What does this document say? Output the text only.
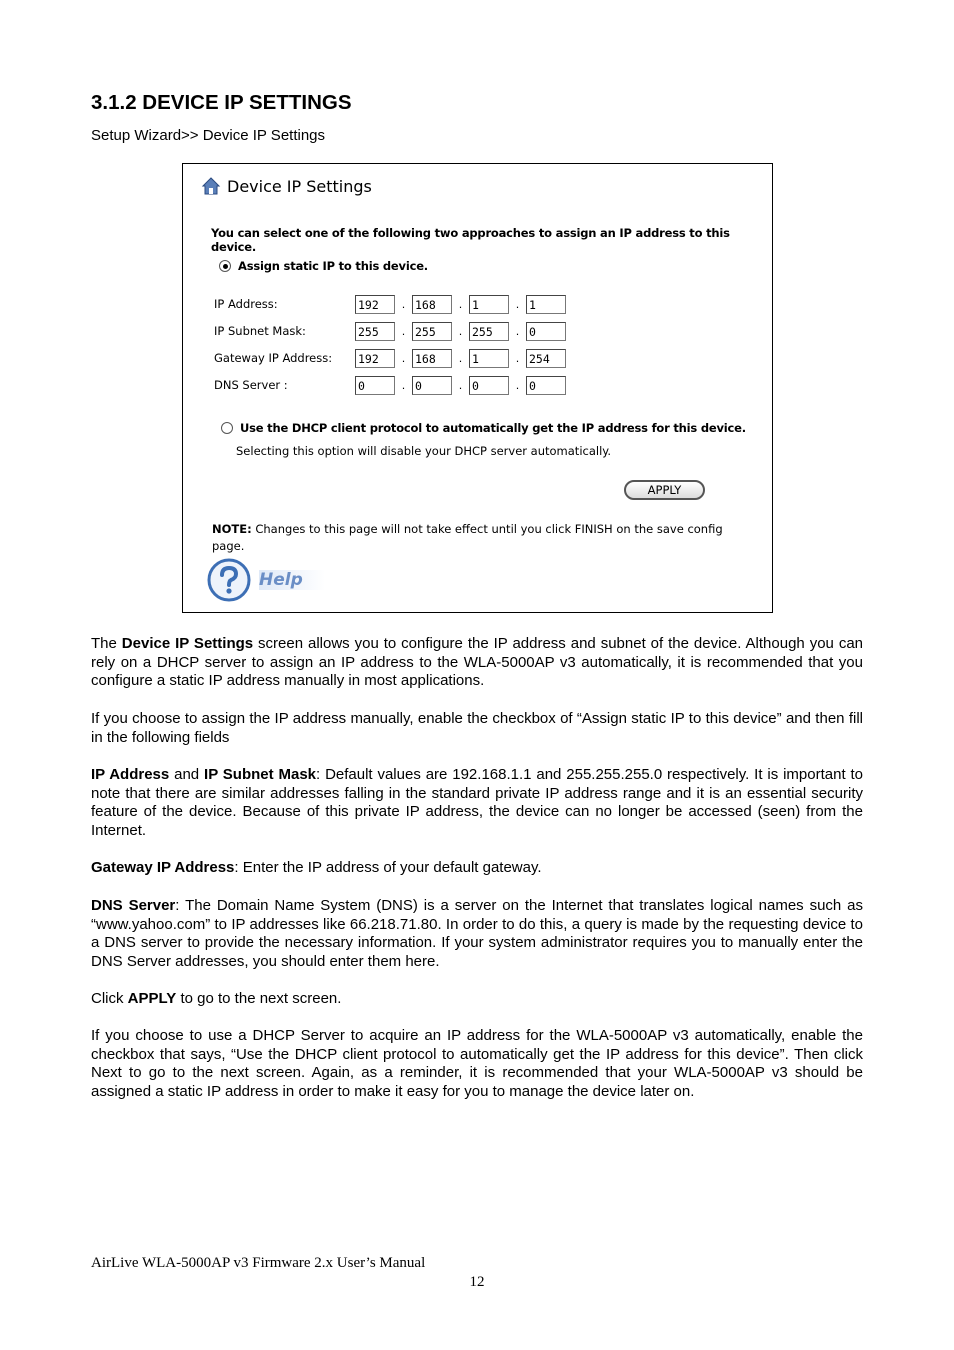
3.1.2 DEVICE IP SETTINGS
Setup Wizard>> Device IP Settings
Device IP Settings
You can select one of the following two approaches to assign an IP address to this device.
Assign static IP to this device.
IP Address:	192	. 168	. 1	. 1
IP Subnet Mask:	255	. 255	. 255	. 0
Gateway IP Address:	192	. 168	. 1	. 254
DNS Server :	0	. 0	. 0	. 0
Use the DHCP client protocol to automatically get the IP address for this device.
Selecting this option will disable your DHCP server automatically.
APPLY
NOTE: Changes to this page will not take effect until you click FINISH on the save config page.
Help

The Device IP Settings screen allows you to configure the IP address and subnet of the device. Although you can rely on a DHCP server to assign an IP address to the WLA-5000AP v3 automatically, it is recommended that you configure a static IP address manually in most applications.

If you choose to assign the IP address manually, enable the checkbox of “Assign static IP to this device” and then fill in the following fields

IP Address and IP Subnet Mask: Default values are 192.168.1.1 and 255.255.255.0 respectively. It is important to note that there are similar addresses falling in the standard private IP address range and it is an essential security feature of the device. Because of this private IP address, the device can no longer be accessed (seen) from the Internet.

Gateway IP Address: Enter the IP address of your default gateway.

DNS Server: The Domain Name System (DNS) is a server on the Internet that translates logical names such as “www.yahoo.com” to IP addresses like 66.218.71.80. In order to do this, a query is made by the requesting device to a DNS server to provide the necessary information. If your system administrator requires you to manually enter the DNS Server addresses, you should enter them here.

Click APPLY to go to the next screen.

If you choose to use a DHCP Server to acquire an IP address for the WLA-5000AP v3 automatically, enable the checkbox that says, “Use the DHCP client protocol to automatically get the IP address for this device”. Then click Next to go to the next screen. Again, as a reminder, it is recommended that your WLA-5000AP v3 should be assigned a static IP address in order to make it easy for you to manage the device later on.

AirLive WLA-5000AP v3 Firmware 2.x User’s Manual
12
